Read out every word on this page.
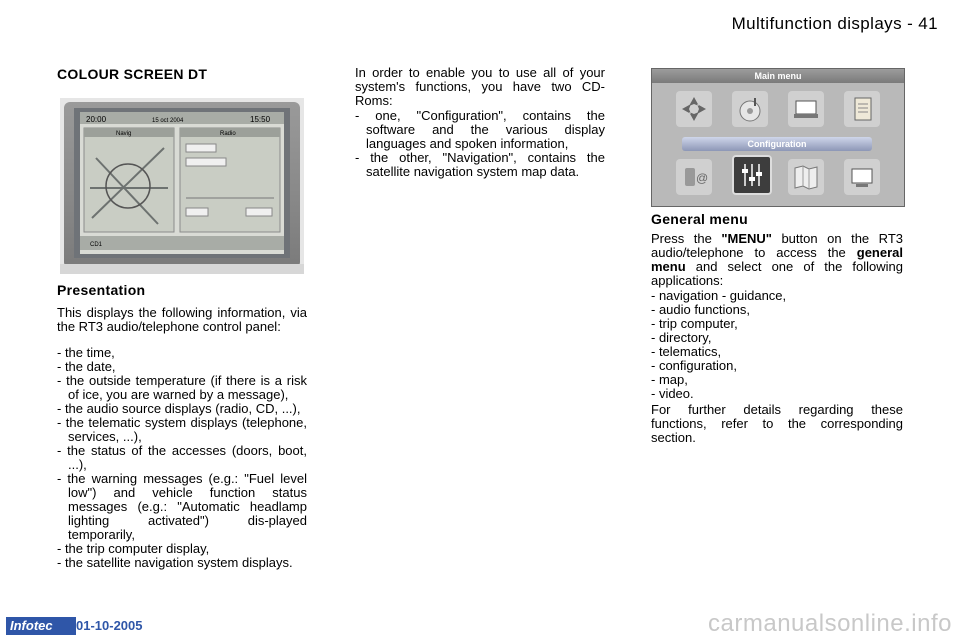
Multifunction displays - 41
COLOUR SCREEN DT
20:00	15 oct 2004	15:50
Navig	Radio
CD1
Presentation
This displays the following information, via the RT3 audio/telephone control panel:
- the time,
- the date,
- the outside temperature (if there is a risk of ice, you are warned by a message),
- the audio source displays (radio, CD, ...),
- the telematic system displays (telephone, services, ...),
- the status of the accesses (doors, boot, ...),
- the warning messages (e.g.: "Fuel level low") and vehicle function status messages (e.g.: "Automatic headlamp lighting activated") dis-played temporarily,
- the trip computer display,
- the satellite navigation system displays.
In order to enable you to use all of your system's functions, you have two CD-Roms:
- one, "Configuration", contains the software and the various display languages and spoken information,
- the other, "Navigation", contains the satellite navigation system map data.
Main menu
Configuration
@
General menu
Press the "MENU" button on the RT3 audio/telephone to access the general menu and select one of the following applications:
- navigation - guidance,
- audio functions,
- trip computer,
- directory,
- telematics,
- configuration,
- map,
- video.
For further details regarding these functions, refer to the corresponding section.
Infotec	01-10-2005	carmanualsonline.info
